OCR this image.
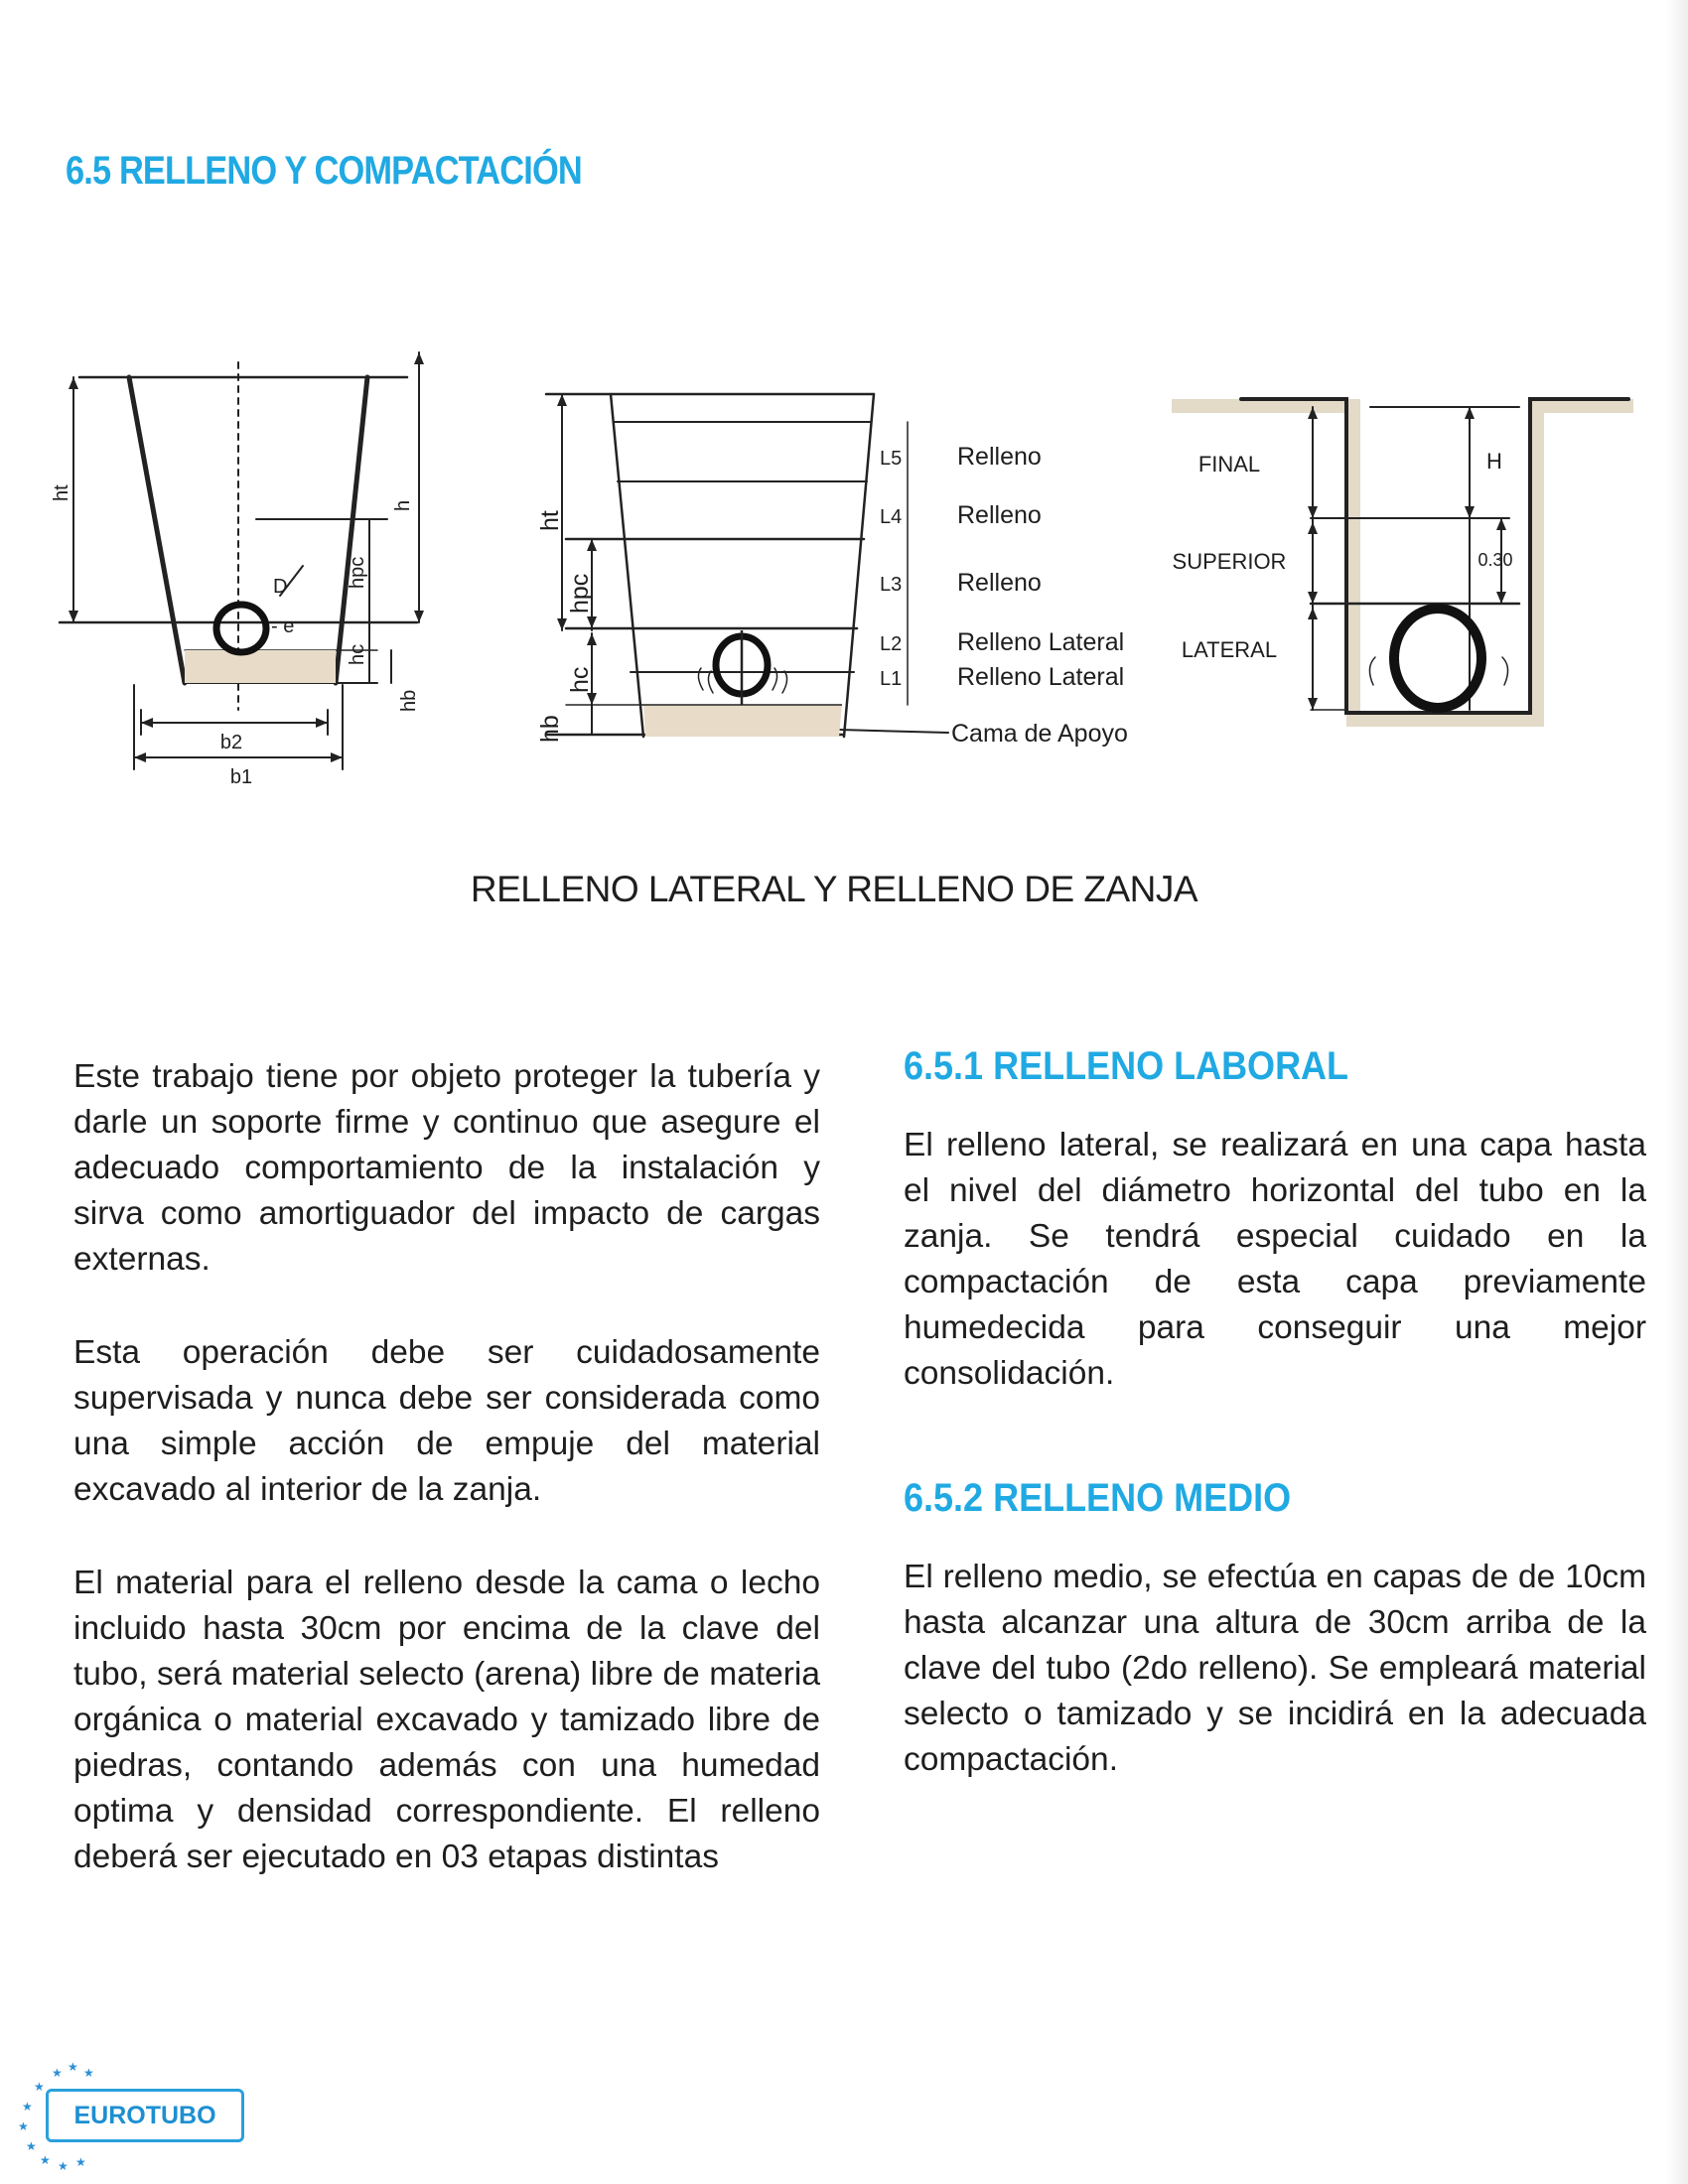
6.5 RELLENO Y COMPACTACIÓN
ht
h
hpc
hc
hb
D
- e
b2
b1
ht
hpc
hc
hb
L5
L4
L3
L2
L1
Relleno
Relleno
Relleno
Relleno Lateral
Relleno Lateral
Cama de Apoyo
FINAL
SUPERIOR
LATERAL
H
0.30
RELLENO LATERAL Y RELLENO DE ZANJA

Este trabajo tiene por objeto proteger la tubería y darle un soporte firme y continuo que asegure el adecuado comportamiento de la instalación y sirva como amortiguador del impacto de cargas externas.

Esta operación debe ser cuidadosamente supervisada y nunca debe ser considerada como una simple acción de empuje del material excavado al interior de la zanja.

El material para el relleno desde la cama o lecho incluido hasta 30cm por encima de la clave del tubo, será material selecto (arena) libre de materia orgánica o material excavado y tamizado libre de piedras, contando además con una humedad optima y densidad correspondiente. El relleno deberá ser ejecutado en 03 etapas distintas

6.5.1 RELLENO LABORAL

El relleno lateral, se realizará en una capa hasta el nivel del diámetro horizontal del tubo en la zanja. Se tendrá especial cuidado en la compactación de esta capa previamente humedecida para conseguir una mejor consolidación.

6.5.2 RELLENO MEDIO

El relleno medio, se efectúa en capas de de 10cm hasta alcanzar una altura de 30cm arriba de la clave del tubo (2do relleno). Se empleará material selecto o tamizado y se incidirá en la adecuada compactación.

★
★ ★
★
★
★
★
★ ★ ★
EUROTUBO
